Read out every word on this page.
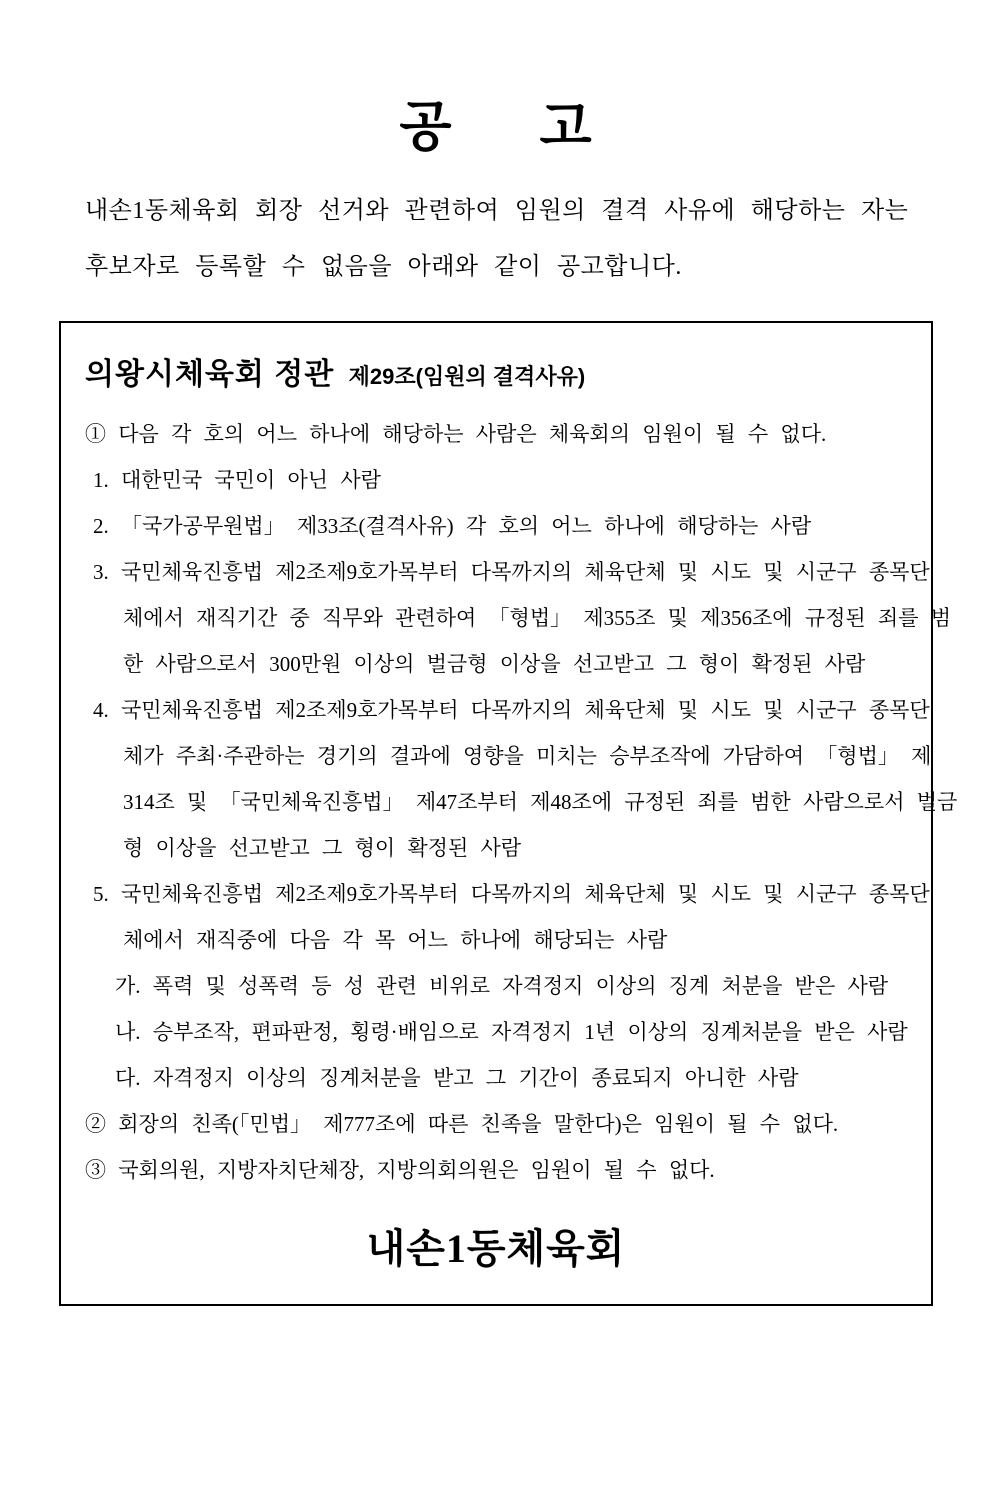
공      고
내손1동체육회 회장 선거와 관련하여 임원의 결격 사유에 해당하는 자는
후보자로 등록할 수 없음을 아래와 같이 공고합니다.
의왕시체육회 정관 제29조(임원의 결격사유)
① 다음 각 호의 어느 하나에 해당하는 사람은 체육회의 임원이 될 수 없다.
1. 대한민국 국민이 아닌 사람
2. 「국가공무원법」 제33조(결격사유) 각 호의 어느 하나에 해당하는 사람
3. 국민체육진흥법 제2조제9호가목부터 다목까지의 체육단체 및 시도 및 시군구 종목단
체에서 재직기간 중 직무와 관련하여 「형법」 제355조 및 제356조에 규정된 죄를 범
한 사람으로서 300만원 이상의 벌금형 이상을 선고받고 그 형이 확정된 사람
4. 국민체육진흥법 제2조제9호가목부터 다목까지의 체육단체 및 시도 및 시군구 종목단
체가 주최·주관하는 경기의 결과에 영향을 미치는 승부조작에 가담하여 「형법」 제
314조 및 「국민체육진흥법」 제47조부터 제48조에 규정된 죄를 범한 사람으로서 벌금
형 이상을 선고받고 그 형이 확정된 사람
5. 국민체육진흥법 제2조제9호가목부터 다목까지의 체육단체 및 시도 및 시군구 종목단
체에서 재직중에 다음 각 목 어느 하나에 해당되는 사람
가. 폭력 및 성폭력 등 성 관련 비위로 자격정지 이상의 징계 처분을 받은 사람
나. 승부조작, 편파판정, 횡령·배임으로 자격정지 1년 이상의 징계처분을 받은 사람
다. 자격정지 이상의 징계처분을 받고 그 기간이 종료되지 아니한 사람
② 회장의 친족(「민법」 제777조에 따른 친족을 말한다)은 임원이 될 수 없다.
③ 국회의원, 지방자치단체장, 지방의회의원은 임원이 될 수 없다.
내손1동체육회
